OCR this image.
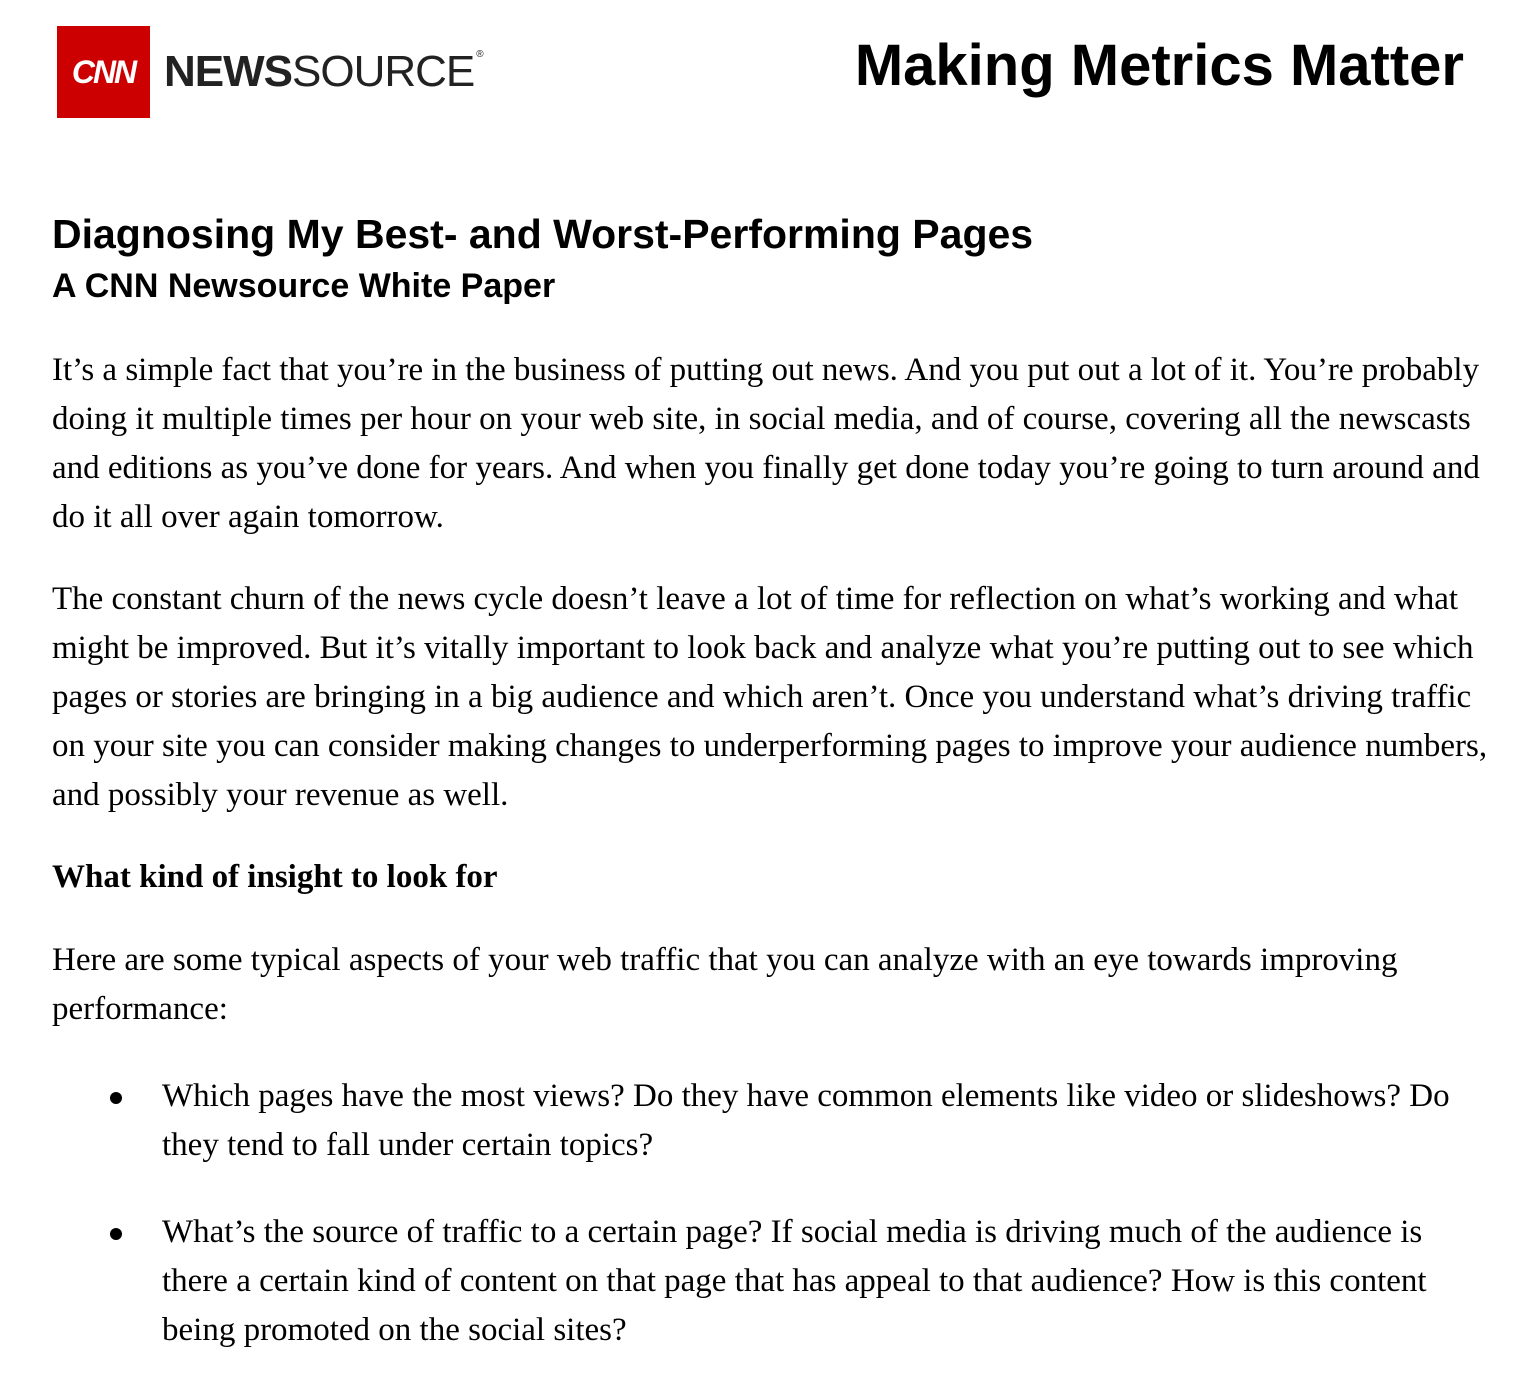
CNN NEWSSOURCE ®	Making Metrics Matter
Diagnosing My Best- and Worst-Performing Pages
A CNN Newsource White Paper
It’s a simple fact that you’re in the business of putting out news. And you put out a lot of it. You’re probably doing it multiple times per hour on your web site, in social media, and of course, covering all the newscasts and editions as you’ve done for years. And when you finally get done today you’re going to turn around and do it all over again tomorrow.
The constant churn of the news cycle doesn’t leave a lot of time for reflection on what’s working and what might be improved. But it’s vitally important to look back and analyze what you’re putting out to see which pages or stories are bringing in a big audience and which aren’t. Once you understand what’s driving traffic on your site you can consider making changes to underperforming pages to improve your audience numbers, and possibly your revenue as well.
What kind of insight to look for
Here are some typical aspects of your web traffic that you can analyze with an eye towards improving performance:
Which pages have the most views? Do they have common elements like video or slideshows? Do they tend to fall under certain topics?
What’s the source of traffic to a certain page? If social media is driving much of the audience is there a certain kind of content on that page that has appeal to that audience? How is this content being promoted on the social sites?
